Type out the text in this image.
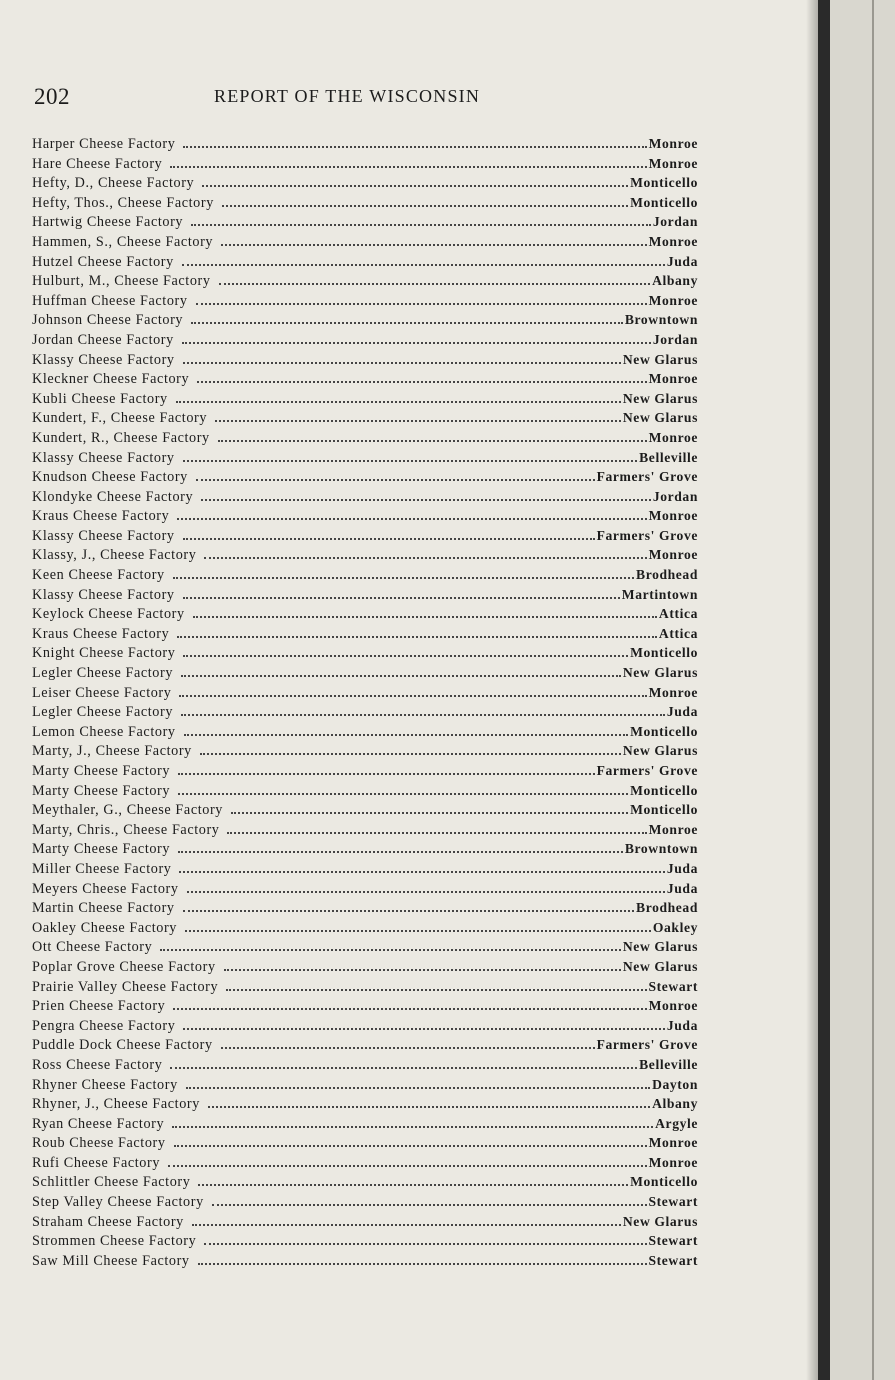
202	REPORT OF THE WISCONSIN
Harper Cheese Factory	Monroe
Hare Cheese Factory	Monroe
Hefty, D., Cheese Factory	Monticello
Hefty, Thos., Cheese Factory	Monticello
Hartwig Cheese Factory	Jordan
Hammen, S., Cheese Factory	Monroe
Hutzel Cheese Factory	Juda
Hulburt, M., Cheese Factory	Albany
Huffman Cheese Factory	Monroe
Johnson Cheese Factory	Browntown
Jordan Cheese Factory	Jordan
Klassy Cheese Factory	New Glarus
Kleckner Cheese Factory	Monroe
Kubli Cheese Factory	New Glarus
Kundert, F., Cheese Factory	New Glarus
Kundert, R., Cheese Factory	Monroe
Klassy Cheese Factory	Belleville
Knudson Cheese Factory	Farmers' Grove
Klondyke Cheese Factory	Jordan
Kraus Cheese Factory	Monroe
Klassy Cheese Factory	Farmers' Grove
Klassy, J., Cheese Factory	Monroe
Keen Cheese Factory	Brodhead
Klassy Cheese Factory	Martintown
Keylock Cheese Factory	Attica
Kraus Cheese Factory	Attica
Knight Cheese Factory	Monticello
Legler Cheese Factory	New Glarus
Leiser Cheese Factory	Monroe
Legler Cheese Factory	Juda
Lemon Cheese Factory	Monticello
Marty, J., Cheese Factory	New Glarus
Marty Cheese Factory	Farmers' Grove
Marty Cheese Factory	Monticello
Meythaler, G., Cheese Factory	Monticello
Marty, Chris., Cheese Factory	Monroe
Marty Cheese Factory	Browntown
Miller Cheese Factory	Juda
Meyers Cheese Factory	Juda
Martin Cheese Factory	Brodhead
Oakley Cheese Factory	Oakley
Ott Cheese Factory	New Glarus
Poplar Grove Cheese Factory	New Glarus
Prairie Valley Cheese Factory	Stewart
Prien Cheese Factory	Monroe
Pengra Cheese Factory	Juda
Puddle Dock Cheese Factory	Farmers' Grove
Ross Cheese Factory	Belleville
Rhyner Cheese Factory	Dayton
Rhyner, J., Cheese Factory	Albany
Ryan Cheese Factory	Argyle
Roub Cheese Factory	Monroe
Rufi Cheese Factory	Monroe
Schlittler Cheese Factory	Monticello
Step Valley Cheese Factory	Stewart
Straham Cheese Factory	New Glarus
Strommen Cheese Factory	Stewart
Saw Mill Cheese Factory	Stewart
